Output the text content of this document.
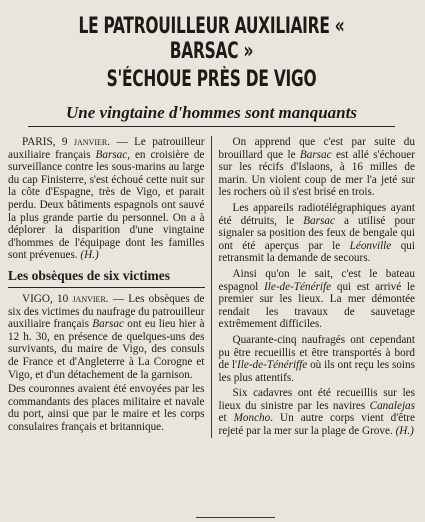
LE PATROUILLEUR AUXILIAIRE « BARSAC »
S'ÉCHOUE PRÈS DE VIGO
Une vingtaine d'hommes sont manquants

PARIS, 9 janvier. — Le patrouilleur auxiliaire français Barsac, en croisière de surveillance contre les sous-marins au large du cap Finisterre, s'est échoué cette nuit sur la côte d'Espagne, très de Vigo, et parait perdu. Deux bâtiments espagnols ont sauvé la plus grande partie du personnel. On a à déplorer la disparition d'une vingtaine d'hommes de l'équipage dont les familles sont prévenues. (H.)

Les obsèques de six victimes

VIGO, 10 janvier. — Les obsèques de six des victimes du naufrage du patrouilleur auxiliaire français Barsac ont eu lieu hier à 12 h. 30, en présence de quelques-uns des survivants, du maire de Vigo, des consuls de France et d'Angleterre à La Corogne et Vigo, et d'un détachement de la garnison.

Des couronnes avaient été envoyées par les commandants des places militaire et navale du port, ainsi que par le maire et les corps consulaires français et britannique.

On apprend que c'est par suite du brouillard que le Barsac est allé s'échouer sur les récifs d'Islaons, à 16 milles de marin. Un violent coup de mer l'a jeté sur les rochers où il s'est brisé en trois.

Les appareils radiotélégraphiques ayant été détruits, le Barsac a utilisé pour signaler sa position des feux de bengale qui ont été aperçus par le Léonville qui retransmit la demande de secours.

Ainsi qu'on le sait, c'est le bateau espagnol Ile-de-Ténérife qui est arrivé le premier sur les lieux. La mer démontée rendait les travaux de sauvetage extrêmement difficiles.

Quarante-cinq naufragés ont cependant pu être recueillis et être transportés à bord de l'Ile-de-Ténériffe où ils ont reçu les soins les plus attentifs.

Six cadavres ont été recueillis sur les lieux du sinistre par les navires Canalejas et Moncho. Un autre corps vient d'être rejeté par la mer sur la plage de Grove. (H.)
